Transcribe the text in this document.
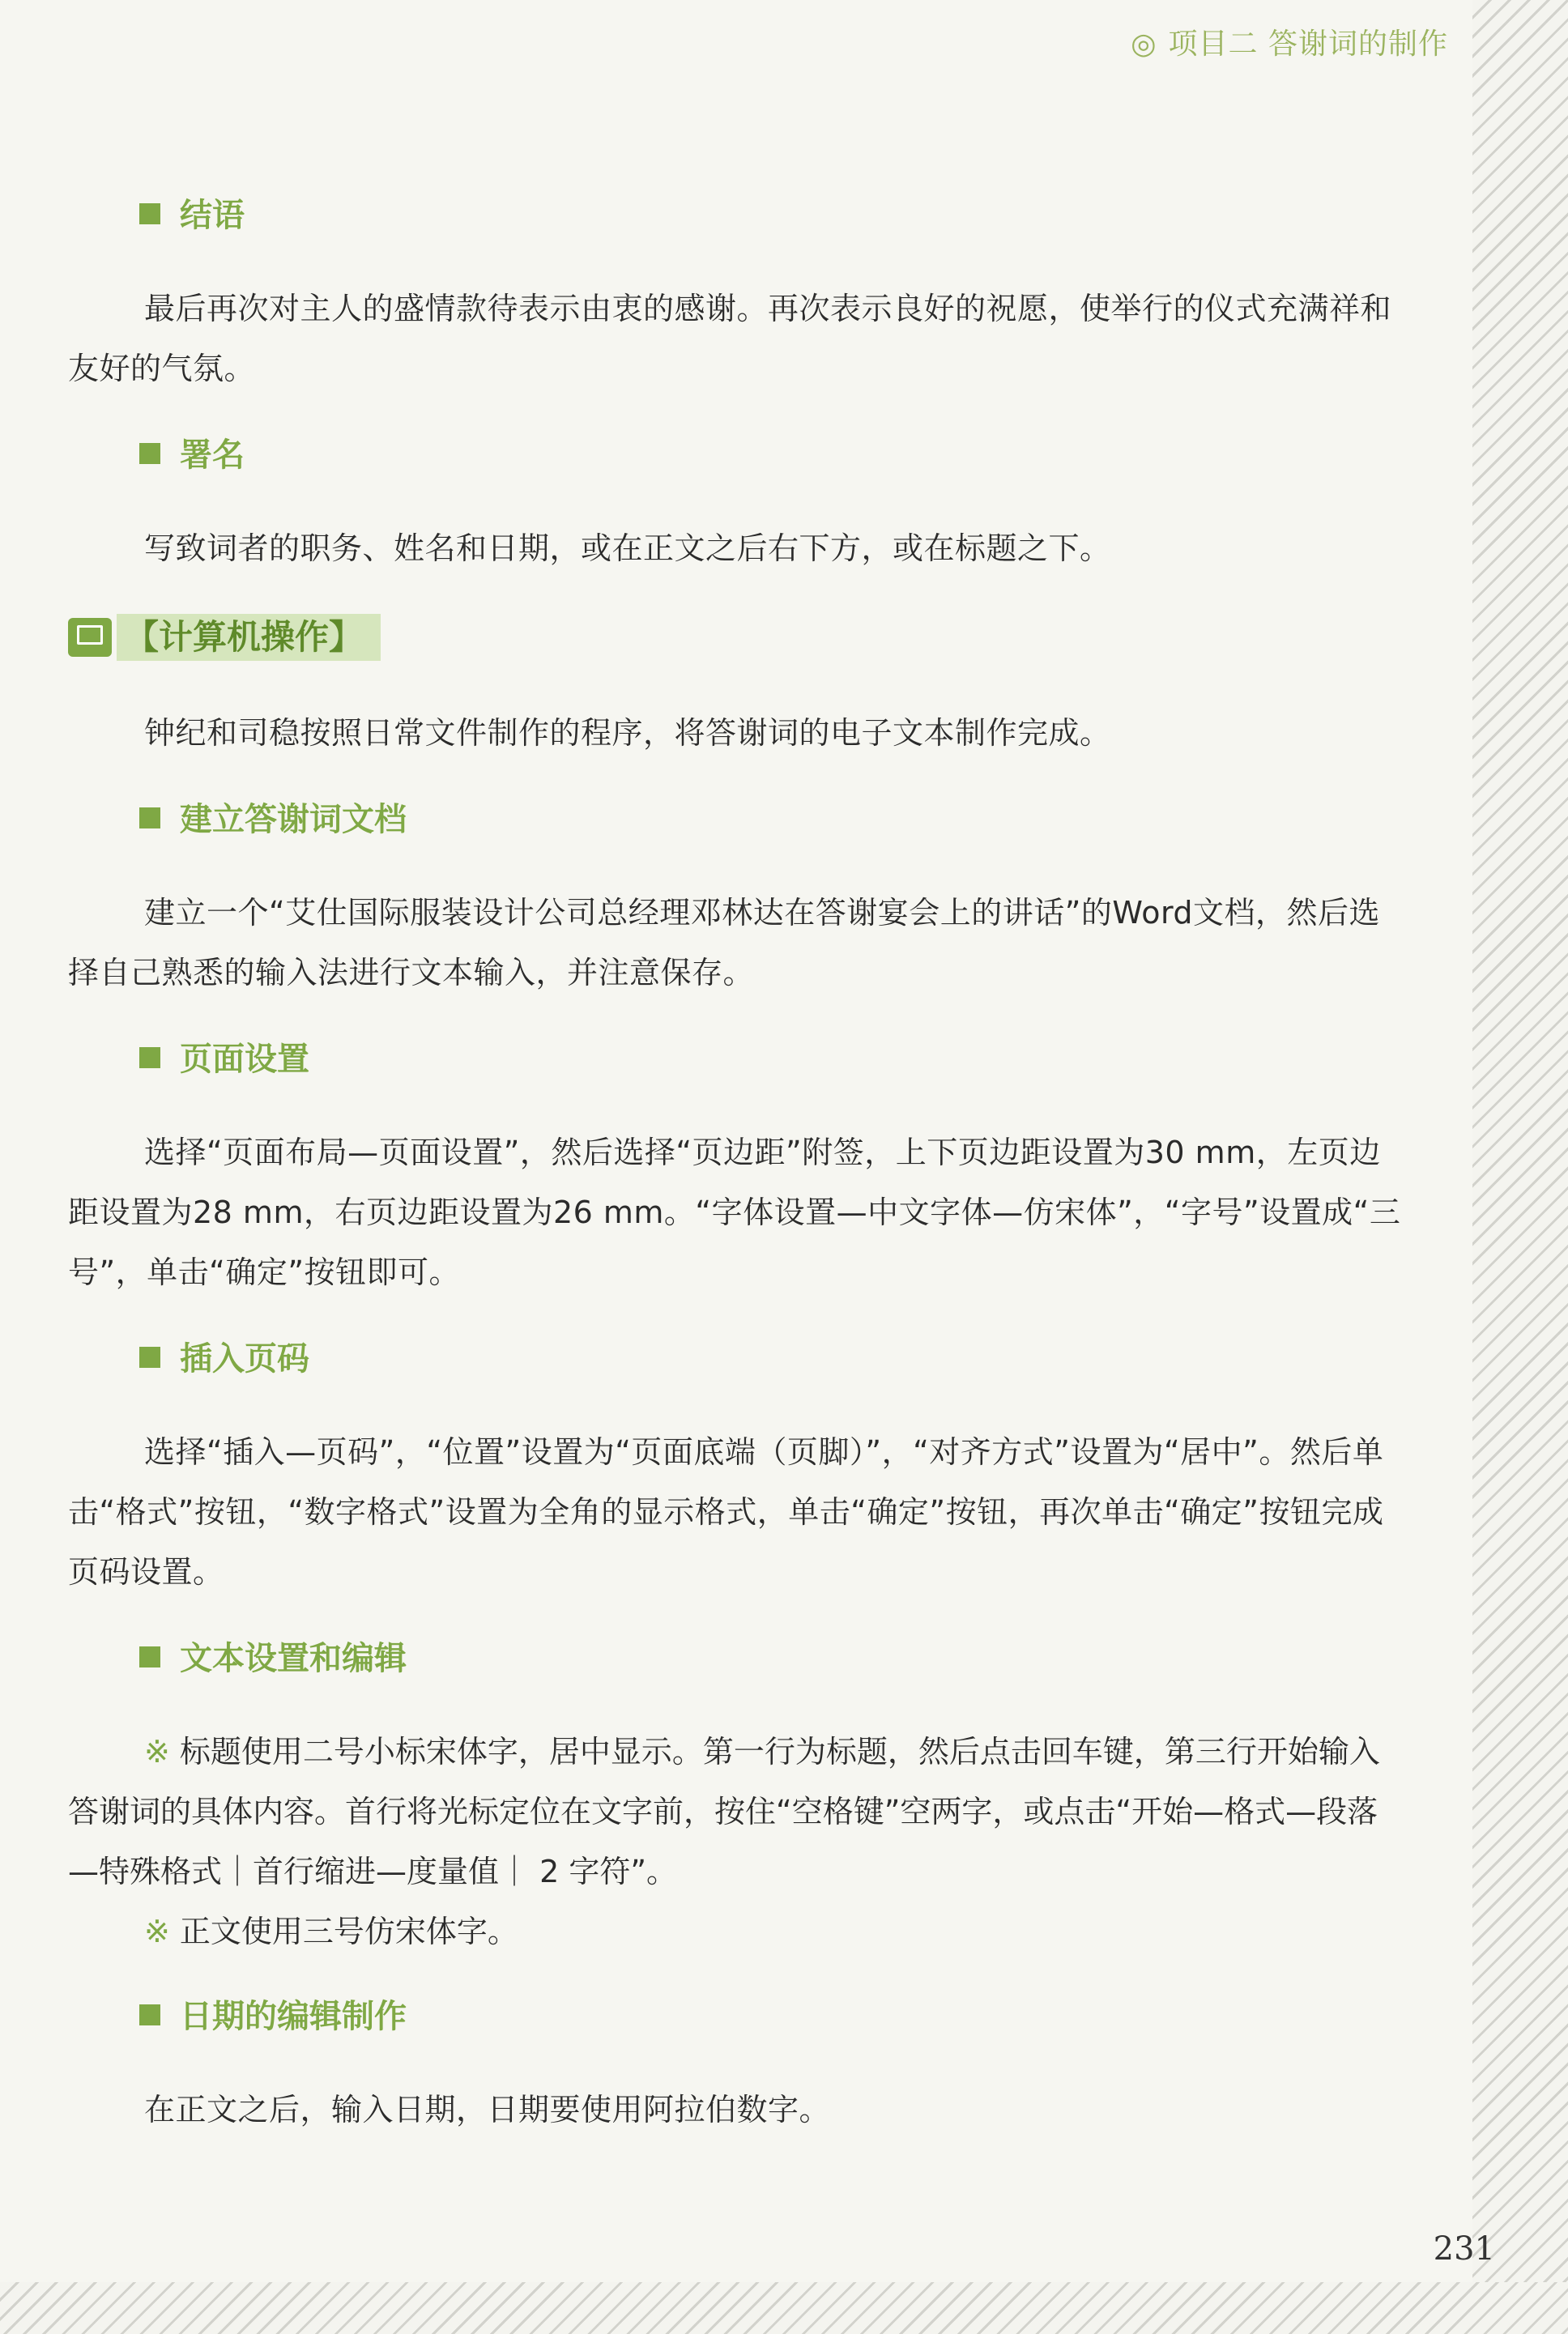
◎ 项目二 答谢词的制作
结语

最后再次对主人的盛情款待表示由衷的感谢。再次表示良好的祝愿，使举行的仪式充满祥和友好的气氛。

署名

写致词者的职务、姓名和日期，或在正文之后右下方，或在标题之下。

【计算机操作】

钟纪和司稳按照日常文件制作的程序，将答谢词的电子文本制作完成。

建立答谢词文档

建立一个“艾仕国际服装设计公司总经理邓林达在答谢宴会上的讲话”的Word文档，然后选择自己熟悉的输入法进行文本输入，并注意保存。

页面设置

选择“页面布局—页面设置”，然后选择“页边距”附签，上下页边距设置为30 mm，左页边距设置为28 mm，右页边距设置为26 mm。“字体设置—中文字体—仿宋体”，“字号”设置成“三号”，单击“确定”按钮即可。

插入页码

选择“插入—页码”，“位置”设置为“页面底端（页脚）”，“对齐方式”设置为“居中”。然后单击“格式”按钮，“数字格式”设置为全角的显示格式，单击“确定”按钮，再次单击“确定”按钮完成页码设置。

文本设置和编辑

※ 标题使用二号小标宋体字，居中显示。第一行为标题，然后点击回车键，第三行开始输入答谢词的具体内容。首行将光标定位在文字前，按住“空格键”空两字，或点击“开始—格式—段落—特殊格式｜首行缩进—度量值｜ 2 字符”。

※ 正文使用三号仿宋体字。

日期的编辑制作

在正文之后，输入日期，日期要使用阿拉伯数字。

231
